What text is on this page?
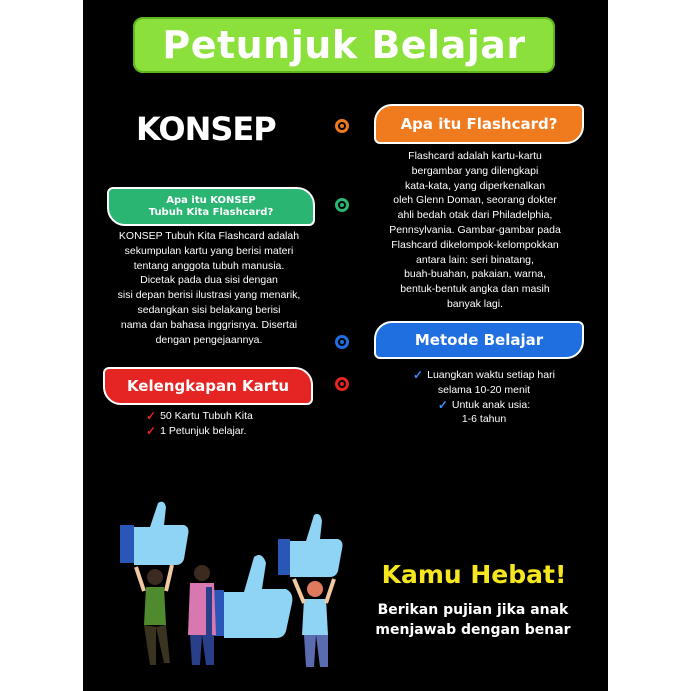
Petunjuk Belajar
KONSEP	Apa itu Flashcard?
Flashcard adalah kartu-kartu
bergambar yang dilengkapi
kata-kata, yang diperkenalkan
oleh Glenn Doman, seorang dokter
ahli bedah otak dari Philadelphia,
Pennsylvania. Gambar-gambar pada
Flashcard dikelompok-kelompokkan
antara lain: seri binatang,
buah-buahan, pakaian, warna,
bentuk-bentuk angka dan masih
banyak lagi.
Apa itu KONSEP
Tubuh Kita Flashcard?
KONSEP Tubuh Kita Flashcard adalah
sekumpulan kartu yang berisi materi
tentang anggota tubuh manusia.
Dicetak pada dua sisi dengan
sisi depan berisi ilustrasi yang menarik,
sedangkan sisi belakang berisi
nama dan bahasa inggrisnya. Disertai
dengan pengejaannya.	Metode Belajar
✓ Luangkan waktu setiap hari
selama 10-20 menit
✓ Untuk anak usia:
1-6 tahun
Kelengkapan Kartu
✓ 50 Kartu Tubuh Kita
✓ 1 Petunjuk belajar.
Kamu Hebat!
Berikan pujian jika anak
menjawab dengan benar
